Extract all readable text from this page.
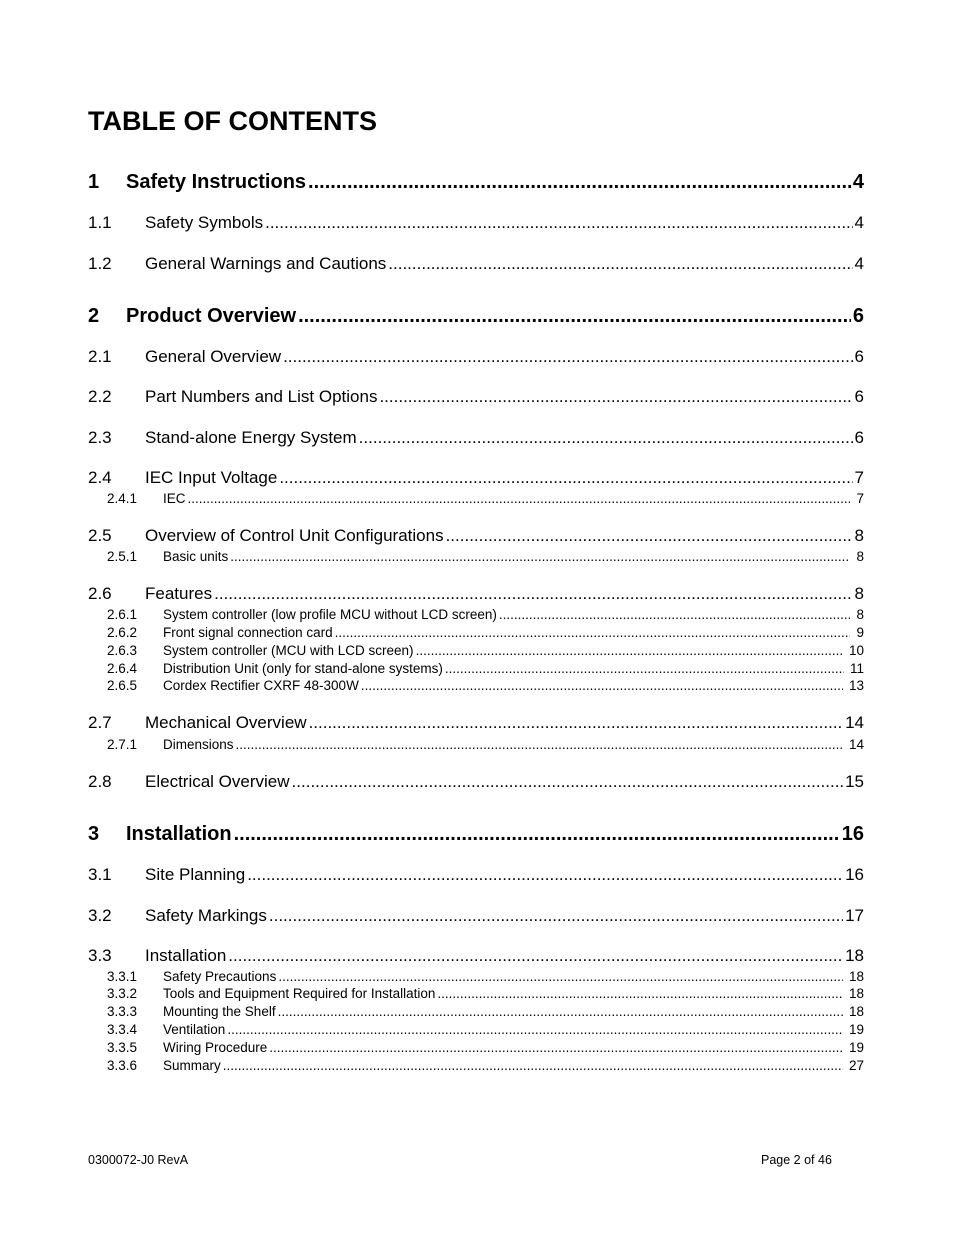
TABLE OF CONTENTS
1	Safety Instructions .....	4
1.1	Safety Symbols .....	4
1.2	General Warnings and Cautions .....	4
2	Product Overview .....	6
2.1	General Overview .....	6
2.2	Part Numbers and List Options .....	6
2.3	Stand-alone Energy System .....	6
2.4	IEC Input Voltage .....	7
2.4.1	IEC .....	7
2.5	Overview of Control Unit Configurations .....	8
2.5.1	Basic units .....	8
2.6	Features .....	8
2.6.1	System controller (low profile MCU without LCD screen) .....	8
2.6.2	Front signal connection card .....	9
2.6.3	System controller (MCU with LCD screen) .....	10
2.6.4	Distribution Unit (only for stand-alone systems) .....	11
2.6.5	Cordex Rectifier CXRF 48-300W .....	13
2.7	Mechanical Overview .....	14
2.7.1	Dimensions .....	14
2.8	Electrical Overview .....	15
3	Installation .....	16
3.1	Site Planning .....	16
3.2	Safety Markings .....	17
3.3	Installation .....	18
3.3.1	Safety Precautions .....	18
3.3.2	Tools and Equipment Required for Installation .....	18
3.3.3	Mounting the Shelf .....	18
3.3.4	Ventilation .....	19
3.3.5	Wiring Procedure .....	19
3.3.6	Summary .....	27
0300072-J0 RevA	Page 2 of 46
